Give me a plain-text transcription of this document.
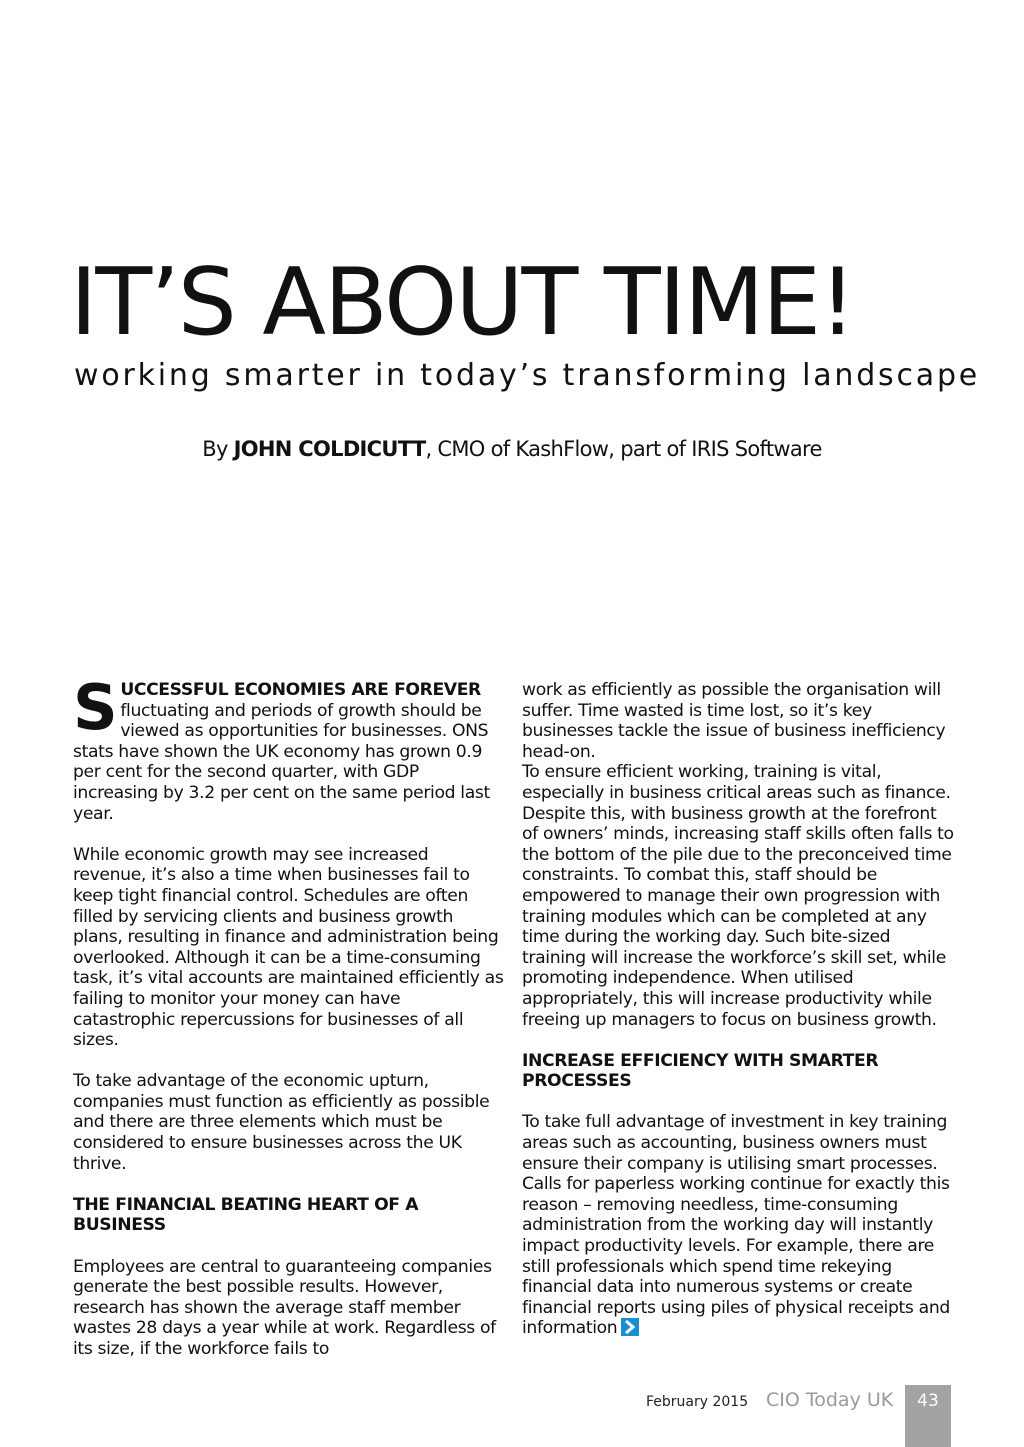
IT’S ABOUT TIME!
working smarter in today’s transforming landscape
By JOHN COLDICUTT, CMO of KashFlow, part of IRIS Software

SUCCESSFUL ECONOMIES ARE FOREVER fluctuating and periods of growth should be viewed as opportunities for businesses. ONS stats have shown the UK economy has grown 0.9 per cent for the second quarter, with GDP increasing by 3.2 per cent on the same period last year.

While economic growth may see increased revenue, it’s also a time when businesses fail to keep tight financial control. Schedules are often filled by servicing clients and business growth plans, resulting in finance and administration being overlooked. Although it can be a time-consuming task, it’s vital accounts are maintained efficiently as failing to monitor your money can have catastrophic repercussions for businesses of all sizes.

To take advantage of the economic upturn, companies must function as efficiently as possible and there are three elements which must be considered to ensure businesses across the UK thrive.

THE FINANCIAL BEATING HEART OF A BUSINESS

Employees are central to guaranteeing companies generate the best possible results. However, research has shown the average staff member wastes 28 days a year while at work. Regardless of its size, if the workforce fails to

work as efficiently as possible the organisation will suffer. Time wasted is time lost, so it’s key businesses tackle the issue of business inefficiency head-on.

To ensure efficient working, training is vital, especially in business critical areas such as finance. Despite this, with business growth at the forefront of owners’ minds, increasing staff skills often falls to the bottom of the pile due to the preconceived time constraints. To combat this, staff should be empowered to manage their own progression with training modules which can be completed at any time during the working day. Such bite-sized training will increase the workforce’s skill set, while promoting independence. When utilised appropriately, this will increase productivity while freeing up managers to focus on business growth.

INCREASE EFFICIENCY WITH SMARTER PROCESSES

To take full advantage of investment in key training areas such as accounting, business owners must ensure their company is utilising smart processes. Calls for paperless working continue for exactly this reason – removing needless, time-consuming administration from the working day will instantly impact productivity levels. For example, there are still professionals which spend time rekeying financial data into numerous systems or create financial reports using piles of physical receipts and information

February 2015 CIO Today UK	43
